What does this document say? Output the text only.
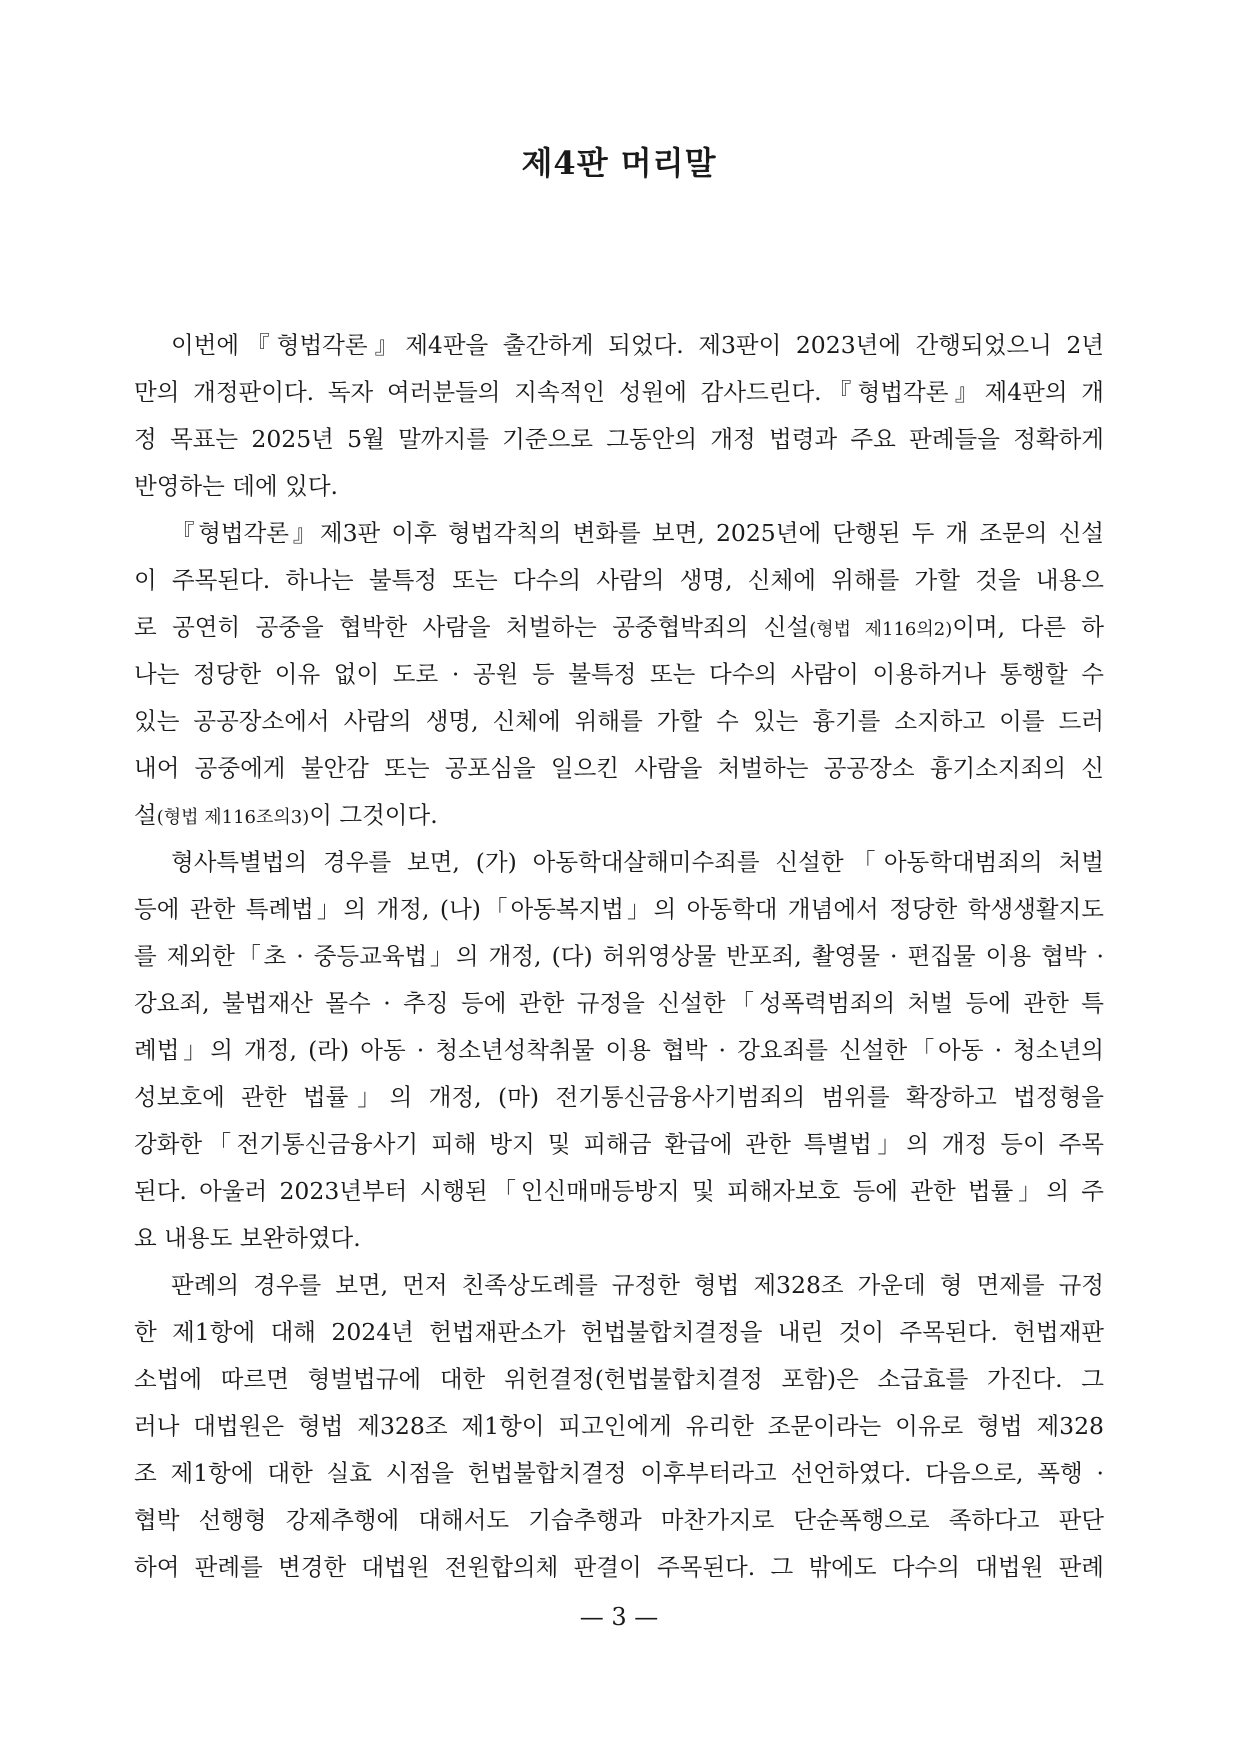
제4판 머리말
이번에『형법각론』제4판을 출간하게 되었다. 제3판이 2023년에 간행되었으니 2년
만의 개정판이다. 독자 여러분들의 지속적인 성원에 감사드린다.『형법각론』제4판의 개
정 목표는 2025년 5월 말까지를 기준으로 그동안의 개정 법령과 주요 판례들을 정확하게
반영하는 데에 있다.
『형법각론』제3판 이후 형법각칙의 변화를 보면, 2025년에 단행된 두 개 조문의 신설
이 주목된다. 하나는 불특정 또는 다수의 사람의 생명, 신체에 위해를 가할 것을 내용으
로 공연히 공중을 협박한 사람을 처벌하는 공중협박죄의 신설(형법 제116의2)이며, 다른 하
나는 정당한 이유 없이 도로 · 공원 등 불특정 또는 다수의 사람이 이용하거나 통행할 수
있는 공공장소에서 사람의 생명, 신체에 위해를 가할 수 있는 흉기를 소지하고 이를 드러
내어 공중에게 불안감 또는 공포심을 일으킨 사람을 처벌하는 공공장소 흉기소지죄의 신
설(형법 제116조의3)이 그것이다.
형사특별법의 경우를 보면, (가) 아동학대살해미수죄를 신설한「아동학대범죄의 처벌
등에 관한 특례법」의 개정, (나)「아동복지법」의 아동학대 개념에서 정당한 학생생활지도
를 제외한「초 · 중등교육법」의 개정, (다) 허위영상물 반포죄, 촬영물 · 편집물 이용 협박 ·
강요죄, 불법재산 몰수 · 추징 등에 관한 규정을 신설한「성폭력범죄의 처벌 등에 관한 특
례법」의 개정, (라) 아동 · 청소년성착취물 이용 협박 · 강요죄를 신설한「아동 · 청소년의
성보호에 관한 법률」의 개정, (마) 전기통신금융사기범죄의 범위를 확장하고 법정형을
강화한「전기통신금융사기 피해 방지 및 피해금 환급에 관한 특별법」의 개정 등이 주목
된다. 아울러 2023년부터 시행된「인신매매등방지 및 피해자보호 등에 관한 법률」의 주
요 내용도 보완하였다.
판례의 경우를 보면, 먼저 친족상도례를 규정한 형법 제328조 가운데 형 면제를 규정
한 제1항에 대해 2024년 헌법재판소가 헌법불합치결정을 내린 것이 주목된다. 헌법재판
소법에 따르면 형벌법규에 대한 위헌결정(헌법불합치결정 포함)은 소급효를 가진다. 그
러나 대법원은 형법 제328조 제1항이 피고인에게 유리한 조문이라는 이유로 형법 제328
조 제1항에 대한 실효 시점을 헌법불합치결정 이후부터라고 선언하였다. 다음으로, 폭행 ·
협박 선행형 강제추행에 대해서도 기습추행과 마찬가지로 단순폭행으로 족하다고 판단
하여 판례를 변경한 대법원 전원합의체 판결이 주목된다. 그 밖에도 다수의 대법원 판례
— 3 —
